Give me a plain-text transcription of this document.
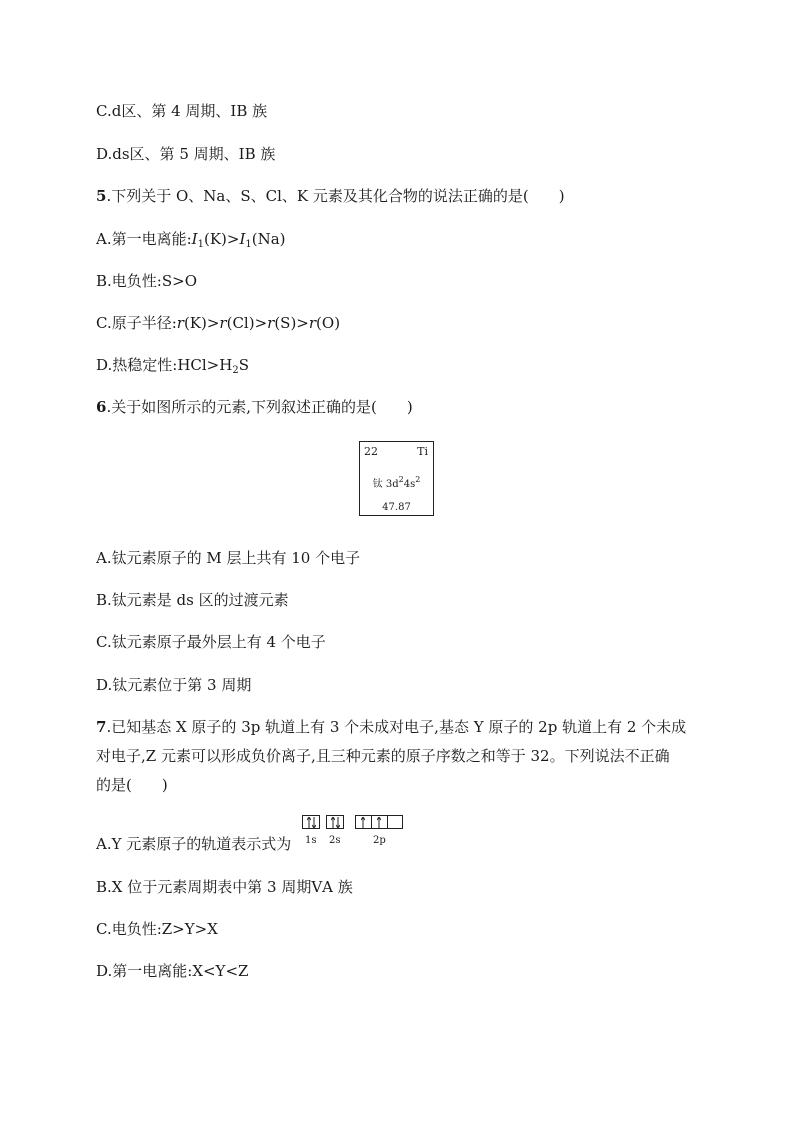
C.d区、第 4 周期、ⅠB 族
D.ds区、第 5 周期、ⅠB 族
5.下列关于 O、Na、S、Cl、K 元素及其化合物的说法正确的是(　　)
A.第一电离能$:I_1(K)>I_1(Na)$
B.电负性:S>O
C.原子半径:r(K)>r(Cl)>r(S)>r(O)
D.热稳定性$:HCl>H_2S$
6.关于如图所示的元素,下列叙述正确的是(　　)
22	Ti
钛 $3d^24s^2$
47.87
A.钛元素原子的 M 层上共有 10 个电子
B.钛元素是 ds 区的过渡元素
C.钛元素原子最外层上有 4 个电子
D.钛元素位于第 3 周期
7.已知基态 X 原子的 3p 轨道上有 3 个未成对电子,基态 Y 原子的 2p 轨道上有 2 个未成
对电子,Z 元素可以形成负价离子,且三种元素的原子序数之和等于 32。下列说法不正确
的是(　　)
A.Y 元素原子的轨道表示式为 1s 2s	2p
B.X 位于元素周期表中第 3 周期ⅤA 族
C.电负性:Z>Y>X
D.第一电离能:X<Y<Z
